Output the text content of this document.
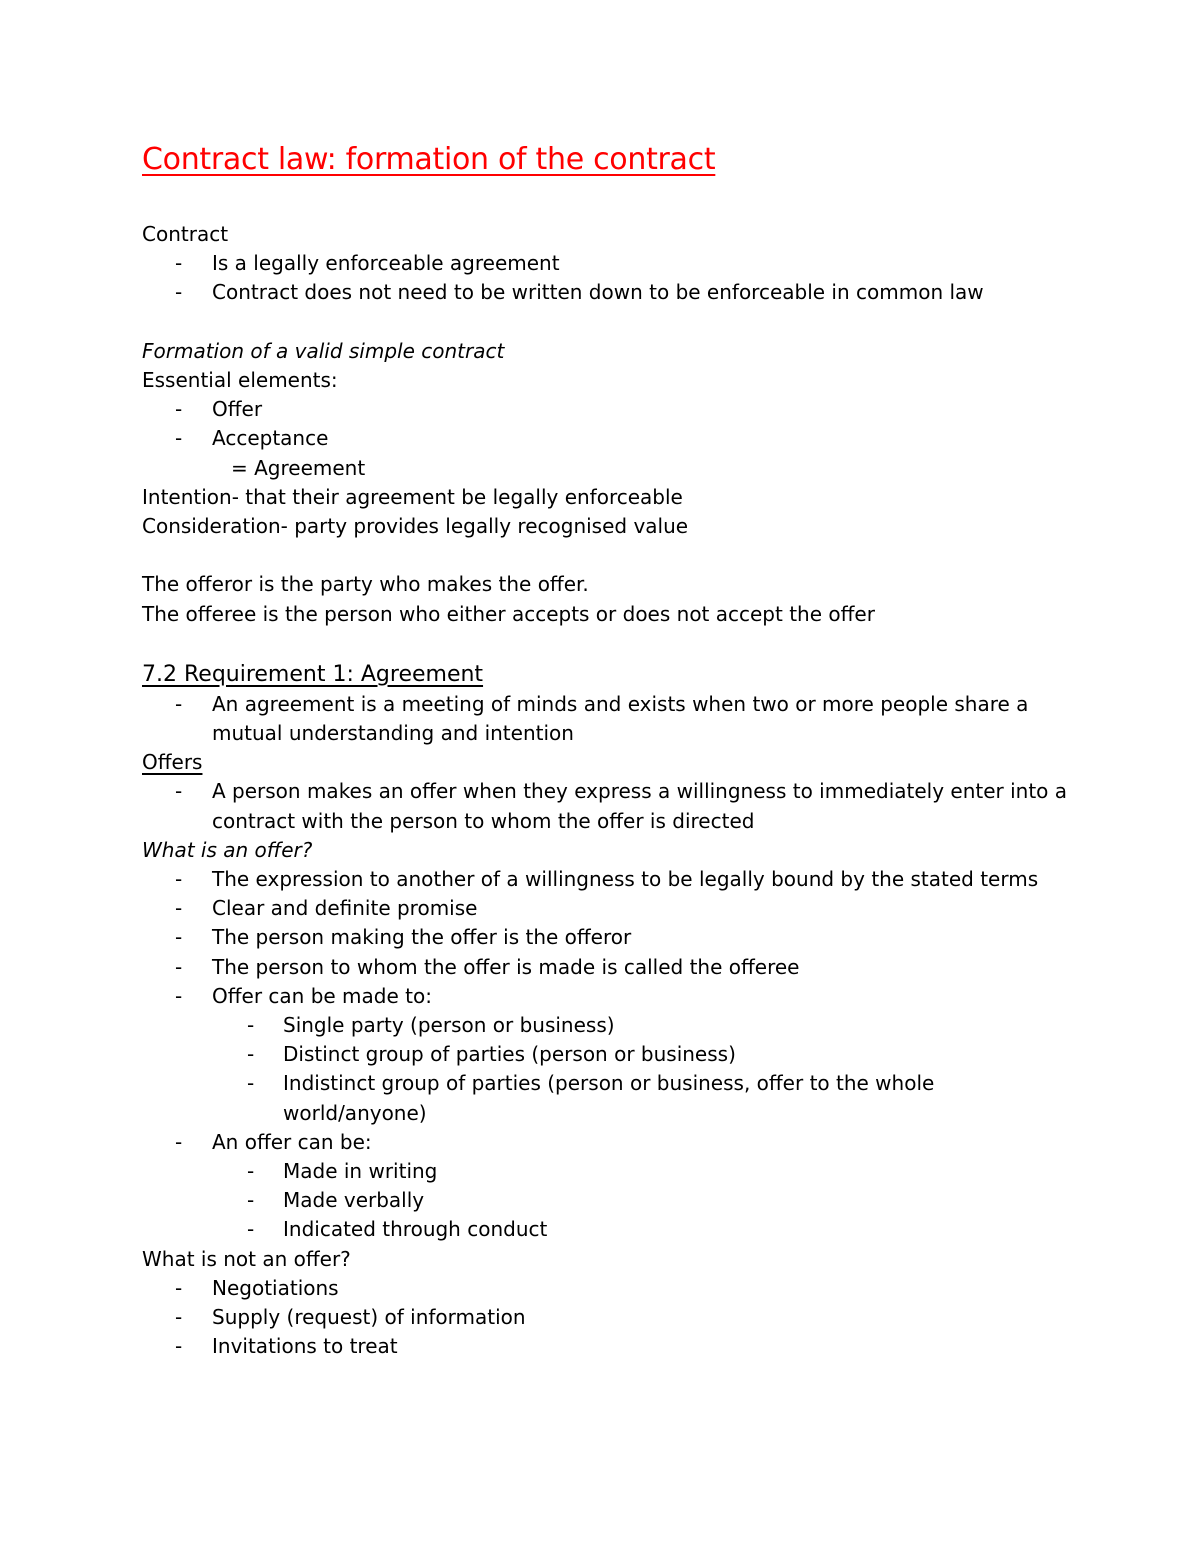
Contract law: formation of the contract
Contract
- Is a legally enforceable agreement
- Contract does not need to be written down to be enforceable in common law
Formation of a valid simple contract
Essential elements:
- Offer
- Acceptance
= Agreement
Intention- that their agreement be legally enforceable
Consideration- party provides legally recognised value
The offeror is the party who makes the offer.
The offeree is the person who either accepts or does not accept the offer
7.2 Requirement 1: Agreement
- An agreement is a meeting of minds and exists when two or more people share a mutual understanding and intention
Offers
- A person makes an offer when they express a willingness to immediately enter into a contract with the person to whom the offer is directed
What is an offer?
- The expression to another of a willingness to be legally bound by the stated terms
- Clear and definite promise
- The person making the offer is the offeror
- The person to whom the offer is made is called the offeree
- Offer can be made to:
- Single party (person or business)
- Distinct group of parties (person or business)
- Indistinct group of parties (person or business, offer to the whole world/anyone)
- An offer can be:
- Made in writing
- Made verbally
- Indicated through conduct
What is not an offer?
- Negotiations
- Supply (request) of information
- Invitations to treat
